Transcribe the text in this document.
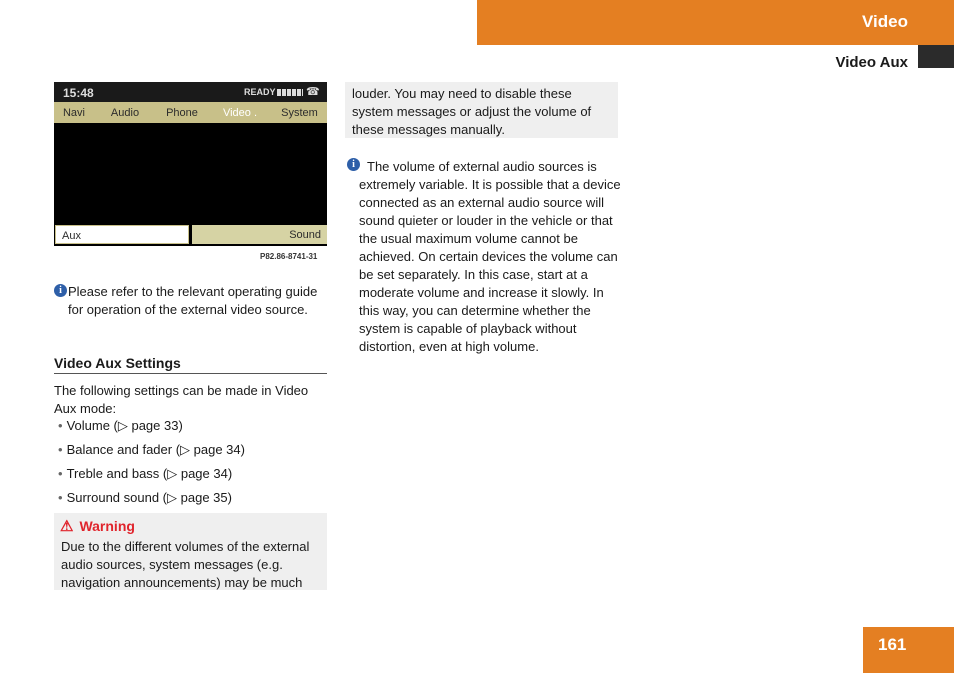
Video
Video Aux
15:48	READY	☎
Navi	Audio	Phone	Video .	System
Aux	Sound
P82.86-8741-31
i Please refer to the relevant operating guide for operation of the external video source.
Video Aux Settings
The following settings can be made in Video Aux mode:
• Volume (▷ page 33)
• Balance and fader (▷ page 34)
• Treble and bass (▷ page 34)
• Surround sound (▷ page 35)
⚠ Warning
Due to the different volumes of the external audio sources, system messages (e.g. navigation announcements) may be much
louder. You may need to disable these system messages or adjust the volume of these messages manually.
i The volume of external audio sources is extremely variable. It is possible that a device connected as an external audio source will sound quieter or louder in the vehicle or that the usual maximum volume cannot be achieved. On certain devices the volume can be set separately. In this case, start at a moderate volume and increase it slowly. In this way, you can determine whether the system is capable of playback without distortion, even at high volume.
161
